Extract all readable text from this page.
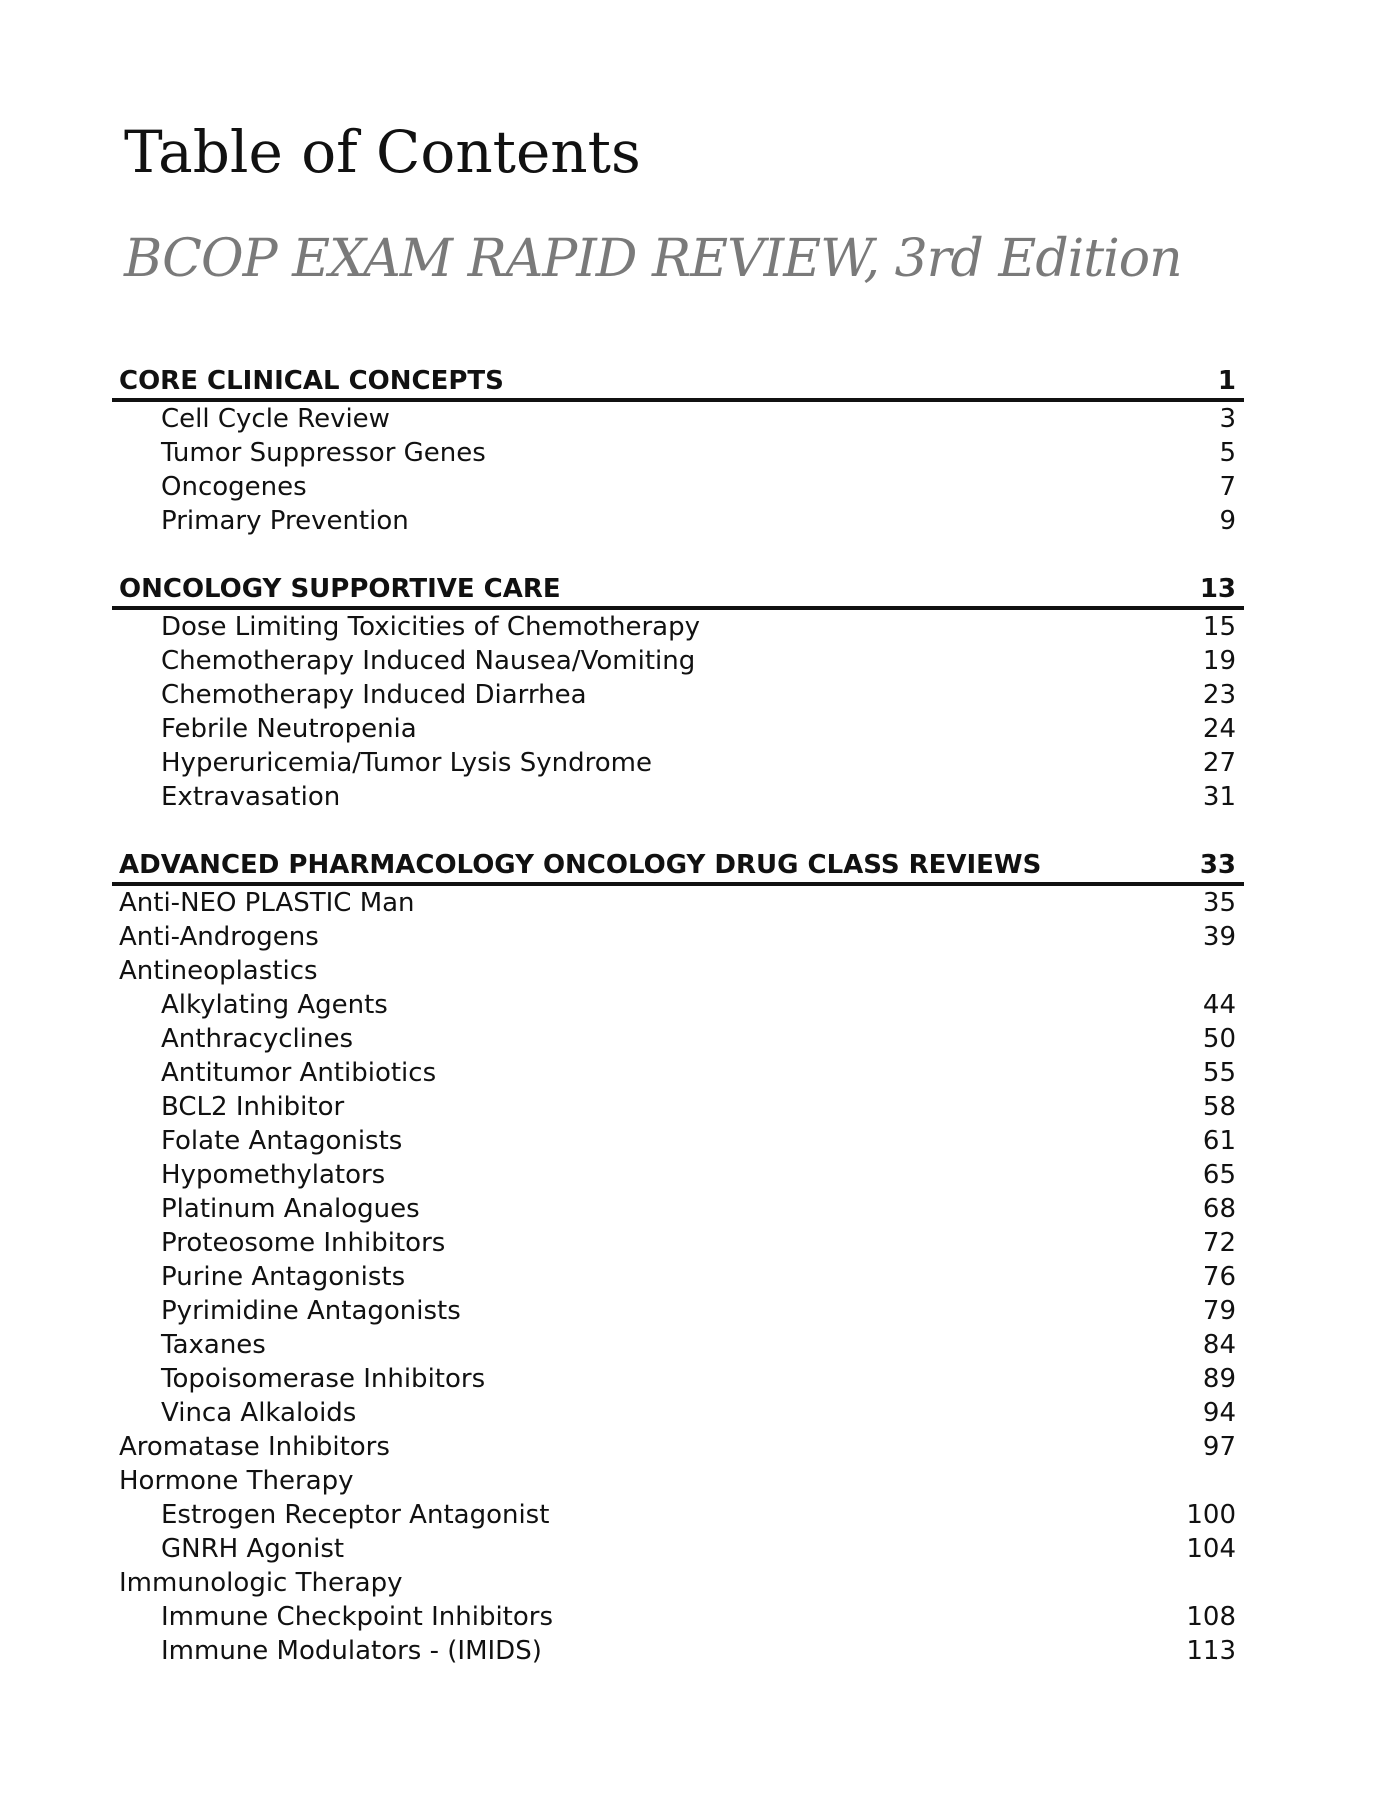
Table of Contents
BCOP EXAM RAPID REVIEW, 3rd Edition
CORE CLINICAL CONCEPTS	1
Cell Cycle Review	3
Tumor Suppressor Genes	5
Oncogenes	7
Primary Prevention	9
ONCOLOGY SUPPORTIVE CARE	13
Dose Limiting Toxicities of Chemotherapy	15
Chemotherapy Induced Nausea/Vomiting	19
Chemotherapy Induced Diarrhea	23
Febrile Neutropenia	24
Hyperuricemia/Tumor Lysis Syndrome	27
Extravasation	31
ADVANCED PHARMACOLOGY ONCOLOGY DRUG CLASS REVIEWS	33
Anti-NEO PLASTIC Man	35
Anti-Androgens	39
Antineoplastics
Alkylating Agents	44
Anthracyclines	50
Antitumor Antibiotics	55
BCL2 Inhibitor	58
Folate Antagonists	61
Hypomethylators	65
Platinum Analogues	68
Proteosome Inhibitors	72
Purine Antagonists	76
Pyrimidine Antagonists	79
Taxanes	84
Topoisomerase Inhibitors	89
Vinca Alkaloids	94
Aromatase Inhibitors	97
Hormone Therapy
Estrogen Receptor Antagonist	100
GNRH Agonist	104
Immunologic Therapy
Immune Checkpoint Inhibitors	108
Immune Modulators - (IMIDS)	113
